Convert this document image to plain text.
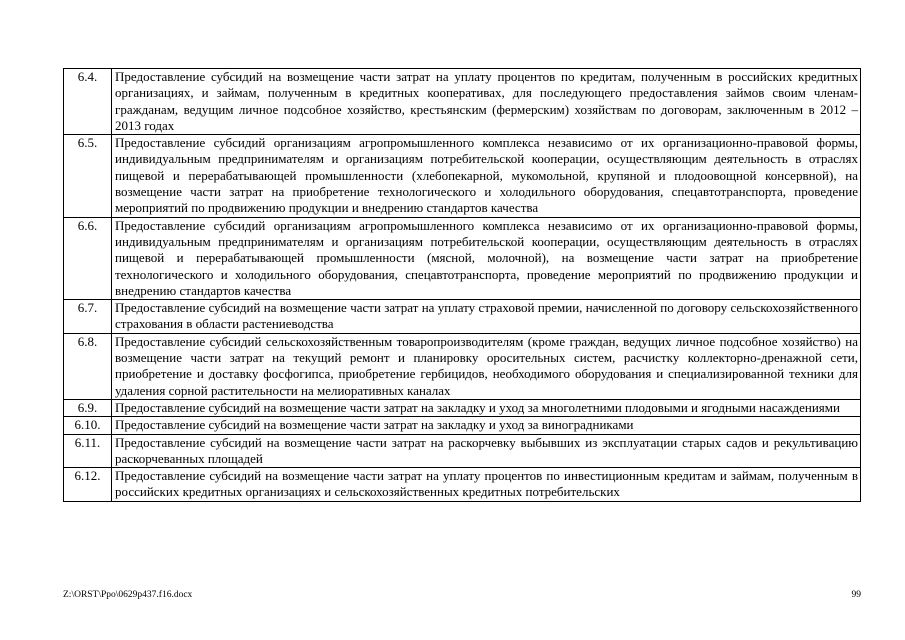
6.4.	Предоставление субсидий на возмещение части затрат на уплату процентов по кредитам, полученным в российских кредитных организациях, и займам, полученным в кредитных кооперативах, для последующего предоставления займов своим членам-гражданам, ведущим личное подсобное хозяйство, крестьянским (фермерским) хозяйствам по договорам, заключенным в 2012 – 2013 годах
6.5.	Предоставление субсидий организациям агропромышленного комплекса независимо от их организационно-правовой формы, индивидуальным предпринимателям и организациям потребительской кооперации, осуществляющим деятельность в отраслях пищевой и перерабатывающей промышленности (хлебопекарной, мукомольной, крупяной и плодоовощной консервной), на возмещение части затрат на приобретение технологического и холодильного оборудования, спецавтотранспорта, проведение мероприятий по продвижению продукции и внедрению стандартов качества
6.6.	Предоставление субсидий организациям агропромышленного комплекса независимо от их организационно-правовой формы, индивидуальным предпринимателям и организациям потребительской кооперации, осуществляющим деятельность в отраслях пищевой и перерабатывающей промышленности (мясной, молочной), на возмещение части затрат на приобретение технологического и холодильного оборудования, спецавтотранспорта, проведение мероприятий по продвижению продукции и внедрению стандартов качества
6.7.	Предоставление субсидий на возмещение части затрат на уплату страховой премии, начисленной по договору сельскохозяйственного страхования в области растениеводства
6.8.	Предоставление субсидий сельскохозяйственным товаропроизводителям (кроме граждан, ведущих личное подсобное хозяйство) на возмещение части затрат на текущий ремонт и планировку оросительных систем, расчистку коллекторно-дренажной сети, приобретение и доставку фосфогипса, приобретение гербицидов, необходимого оборудования и специализированной техники для удаления сорной растительности на мелиоративных каналах
6.9.	Предоставление субсидий на возмещение части затрат на закладку и уход за многолетними плодовыми и ягодными насаждениями
6.10.	Предоставление субсидий на возмещение части затрат на закладку и уход за виноградниками
6.11.	Предоставление субсидий на возмещение части затрат на раскорчевку выбывших из эксплуатации старых садов и рекультивацию раскорчеванных площадей
6.12.	Предоставление субсидий на возмещение части затрат на уплату процентов по инвестиционным кредитам и займам, полученным в российских кредитных организациях и сельскохозяйственных кредитных потребительских
Z:\ORST\Ppo\0629p437.f16.docx	99
